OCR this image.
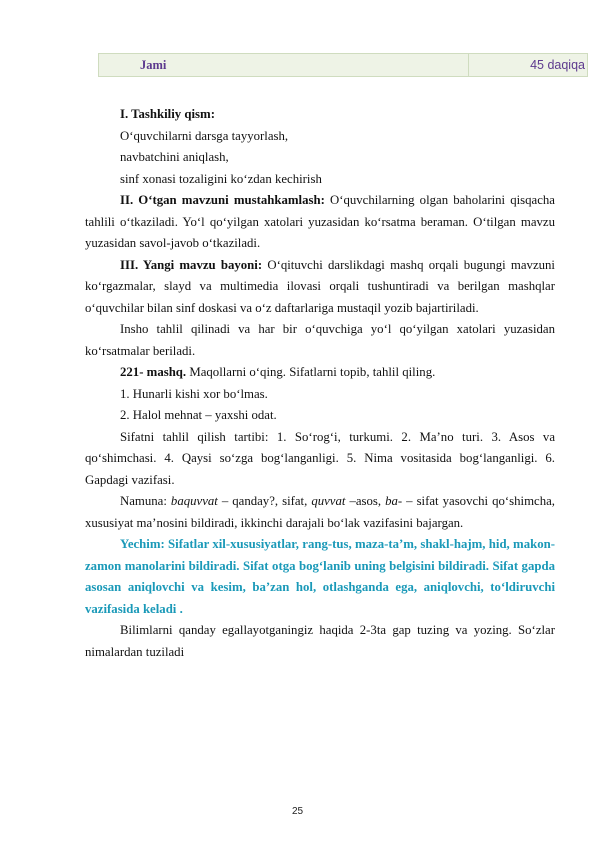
Jami	45 daqiqa

I. Tashkiliy qism:

O‘quvchilarni darsga tayyorlash,

navbatchini aniqlash,

sinf xonasi tozaligini ko‘zdan kechirish

II. O‘tgan mavzuni mustahkamlash: O‘quvchilarning olgan baholarini qisqacha tahlili o‘tkaziladi. Yo‘l qo‘yilgan xatolari yuzasidan ko‘rsatma beraman. O‘tilgan mavzu yuzasidan savol-javob o‘tkaziladi.

III. Yangi mavzu bayoni: O‘qituvchi darslikdagi mashq orqali bugungi mavzuni ko‘rgazmalar, slayd va multimedia ilovasi orqali tushuntiradi va berilgan mashqlar o‘quvchilar bilan sinf doskasi va o‘z daftarlariga mustaqil yozib bajartiriladi.

Insho tahlil qilinadi va har bir o‘quvchiga yo‘l qo‘yilgan xatolari yuzasidan ko‘rsatmalar beriladi.

221- mashq. Maqollarni o‘qing. Sifatlarni topib, tahlil qiling.

1. Hunarli kishi xor bo‘lmas.

2. Halol mehnat – yaxshi odat.

Sifatni tahlil qilish tartibi: 1. So‘rog‘i, turkumi. 2. Ma’no turi. 3. Asos va qo‘shimchasi. 4. Qaysi so‘zga bog‘langanligi. 5. Nima vositasida bog‘langanligi. 6. Gapdagi vazifasi.

Namuna: baquvvat – qanday?, sifat, quvvat –asos, ba- – sifat yasovchi qo‘shimcha, xususiyat ma’nosini bildiradi, ikkinchi darajali bo‘lak vazifasini bajargan.

Yechim: Sifatlar xil-xususiyatlar, rang-tus, maza-ta’m, shakl-hajm, hid, makon-zamon manolarini bildiradi. Sifat otga bog‘lanib uning belgisini bildiradi. Sifat gapda asosan aniqlovchi va kesim, ba’zan hol, otlashganda ega, aniqlovchi, to‘ldiruvchi vazifasida keladi .

Bilimlarni qanday egallayotganingiz haqida 2-3ta gap tuzing va yozing. So‘zlar nimalardan tuziladi

25
